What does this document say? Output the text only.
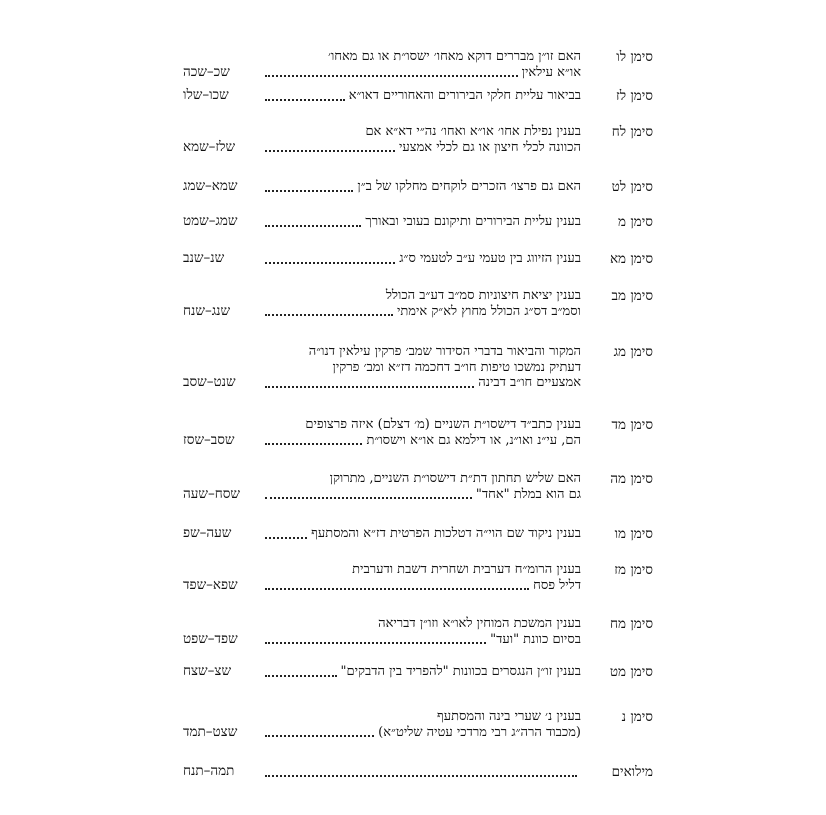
סימן לו
האם זו״ן מבררים דוקא מאחו׳ ישסו״ת או גם מאחו׳
או״א עילאין
שכ–שכה
סימן לז
בביאור עליית חלקי הבירורים והאחוריים דאו״א
שכו–שלו
סימן לח
בענין נפילת אחו׳ או״א ואחו׳ נה״י דא״א אם
הכוונה לכלי חיצון או גם לכלי אמצעי
שלז–שמא
סימן לט
האם גם פרצו׳ הזכרים לוקחים מחלקו של ב״ן
שמא–שמג
סימן מ
בענין עליית הבירורים ותיקונם בעובי ובאורך
שמג–שמט
סימן מא
בענין הזיווג בין טעמי ע״ב לטעמי ס״ג
שנ–שנב
סימן מב
בענין יציאת חיצוניות סמ״ב דע״ב הכולל
וסמ״ב דס״ג הכולל מחוץ לא״ק אימתי
שנג–שנח
סימן מג
המקור והביאור בדברי הסידור שמב׳ פרקין עילאין דנו״ה
דעתיק נמשכו טיפות חו״ב דחכמה דז״א ומב׳ פרקין
אמצעיים חו״ב דבינה
שנט–שסב
סימן מד
בענין כתב״ד דישסו״ת השניים (מ׳ דצלם) איזה פרצופים
הם, עי״נ ואו״נ, או דילמא גם או״א וישסו״ת
שסב–שסז
סימן מה
האם שליש תחתון דת״ת דישסו״ת השניים, מתרוקן
גם הוא במלת "אחד"
שסח–שעה
סימן מו
בענין ניקוד שם הוי״ה דטלכות הפרטית דז״א והמסתעף
שעה–שפ
סימן מז
בענין הרומ״ח דערבית ושחרית דשבת ודערבית
דליל פסח
שפא–שפד
סימן מח
בענין המשכת המוחין לאו״א וזו״ן דבריאה
בסיום כוונת "ועד"
שפד–שפט
סימן מט
בענין זו״ן הנגסרים בכוונות "להפריד בין הדבקים"
שצ–שצח
סימן נ
בענין נ׳ שערי בינה והמסתעף
(מכבוד הרה״ג רבי מרדכי עטיה שליט״א)
שצט–תמד
מילואים
תמה–תנח
